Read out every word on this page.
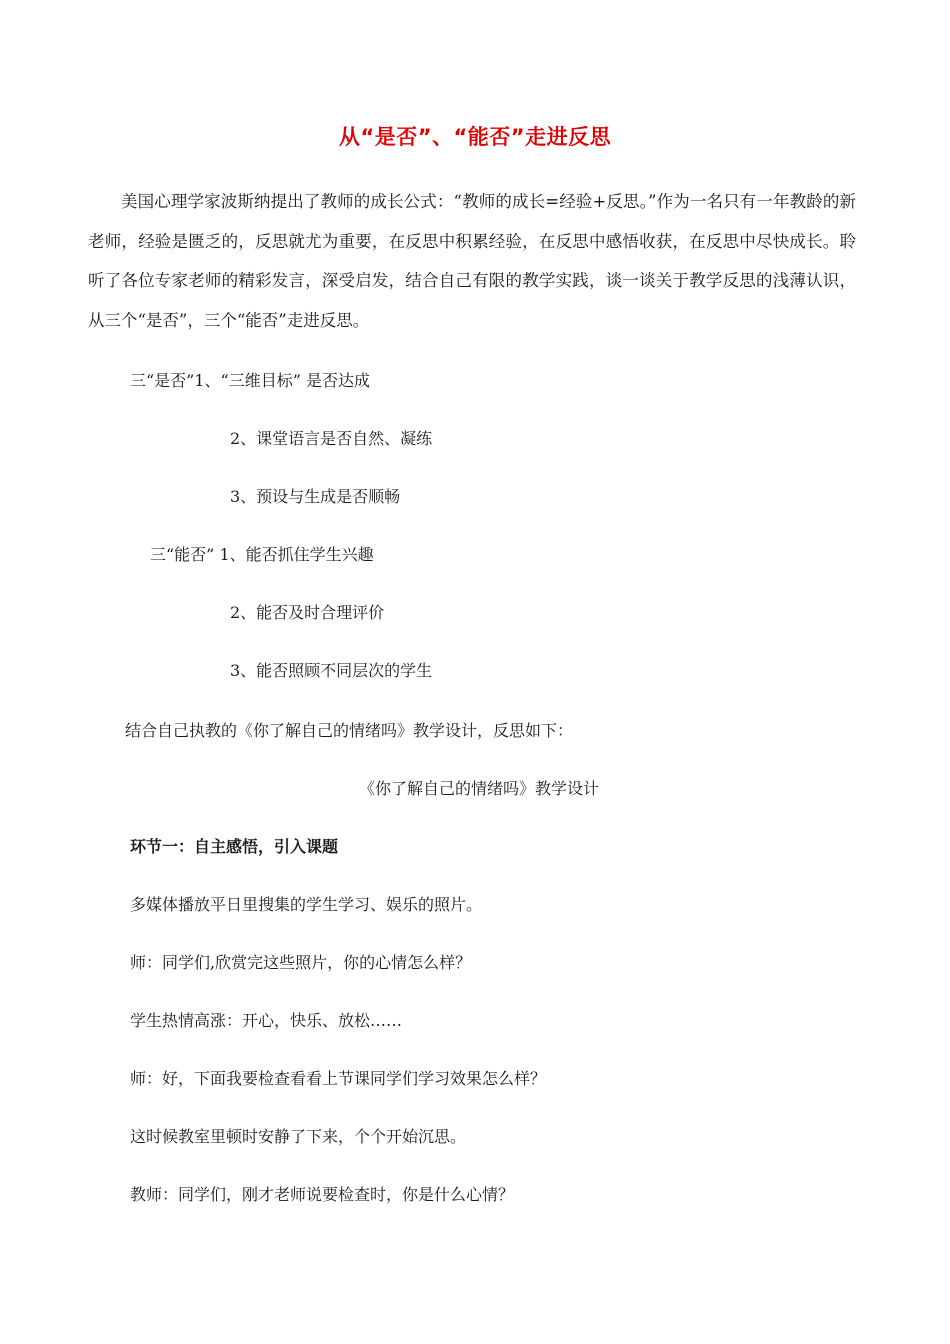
从“是否”、“能否”走进反思

美国心理学家波斯纳提出了教师的成长公式：“教师的成长=经验+反思。”作为一名只有一年教龄的新老师，经验是匮乏的，反思就尤为重要，在反思中积累经验，在反思中感悟收获，在反思中尽快成长。聆听了各位专家老师的精彩发言，深受启发，结合自己有限的教学实践，谈一谈关于教学反思的浅薄认识，从三个“是否”，三个“能否”走进反思。

三“是否”1、“三维目标” 是否达成

2、课堂语言是否自然、凝练

3、预设与生成是否顺畅

三“能否” 1、能否抓住学生兴趣

2、能否及时合理评价

3、能否照顾不同层次的学生

结合自己执教的《你了解自己的情绪吗》教学设计，反思如下：

《你了解自己的情绪吗》教学设计

环节一：自主感悟，引入课题

多媒体播放平日里搜集的学生学习、娱乐的照片。

师：同学们,欣赏完这些照片，你的心情怎么样？

学生热情高涨：开心，快乐、放松……

师：好，下面我要检查看看上节课同学们学习效果怎么样？

这时候教室里顿时安静了下来，个个开始沉思。

教师：同学们，刚才老师说要检查时，你是什么心情？
